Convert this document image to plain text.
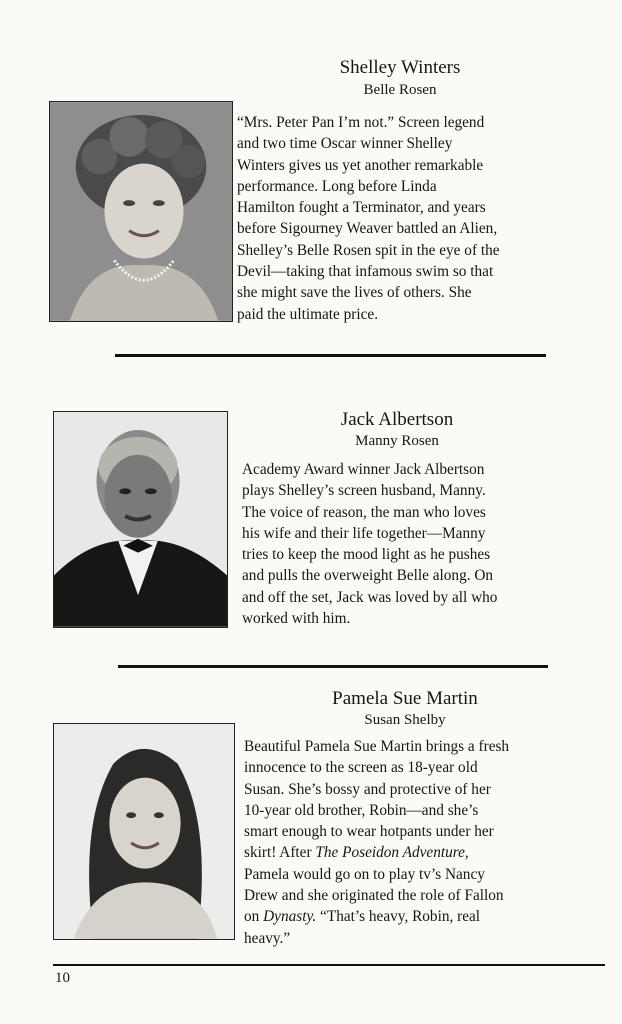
Shelley Winters
Belle Rosen

“Mrs. Peter Pan I’m not.” Screen legend
and two time Oscar winner Shelley
Winters gives us yet another remarkable
performance. Long before Linda
Hamilton fought a Terminator, and years
before Sigourney Weaver battled an Alien,
Shelley’s Belle Rosen spit in the eye of the
Devil—taking that infamous swim so that
she might save the lives of others. She
paid the ultimate price.

Jack Albertson
Manny Rosen

Academy Award winner Jack Albertson
plays Shelley’s screen husband, Manny.
The voice of reason, the man who loves
his wife and their life together—Manny
tries to keep the mood light as he pushes
and pulls the overweight Belle along. On
and off the set, Jack was loved by all who
worked with him.

Pamela Sue Martin
Susan Shelby

Beautiful Pamela Sue Martin brings a fresh
innocence to the screen as 18-year old
Susan. She’s bossy and protective of her
10-year old brother, Robin—and she’s
smart enough to wear hotpants under her
skirt! After The Poseidon Adventure,
Pamela would go on to play tv’s Nancy
Drew and she originated the role of Fallon
on Dynasty. “That’s heavy, Robin, real
heavy.”

10
